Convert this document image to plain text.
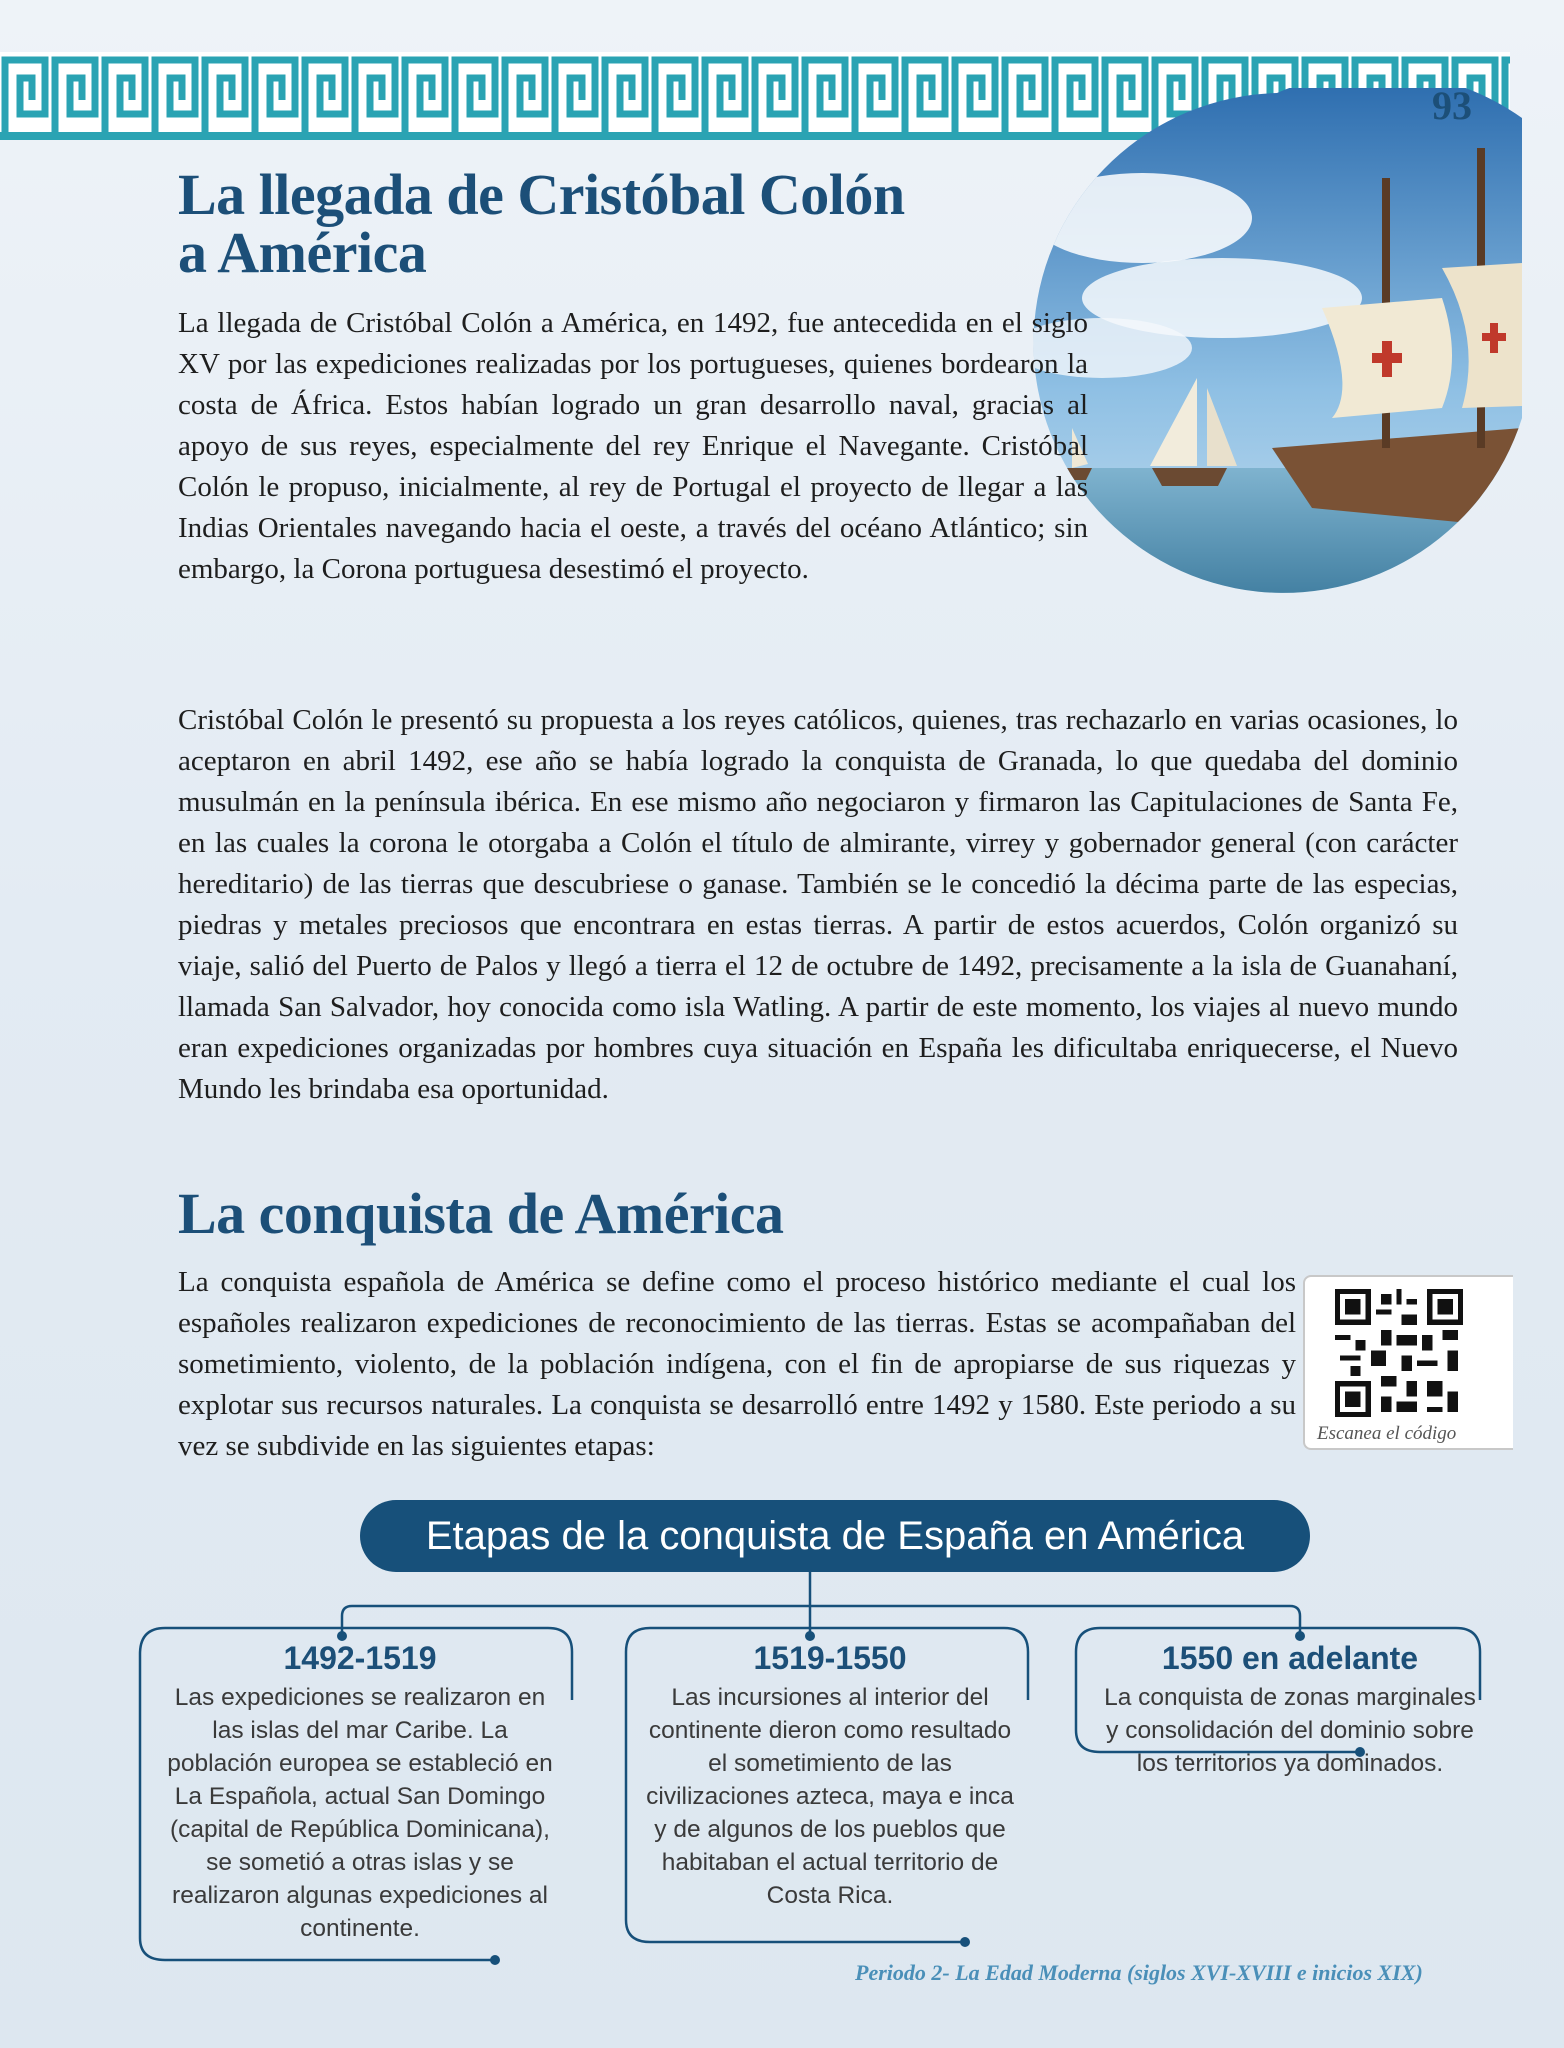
93
La llegada de Cristóbal Colón
a América

La llegada de Cristóbal Colón a América, en 1492, fue antecedida en el siglo XV por las expediciones realizadas por los portugueses, quienes bordearon la costa de África. Estos habían logrado un gran desarrollo naval, gracias al apoyo de sus reyes, especialmente del rey Enrique el Navegante. Cristóbal Colón le propuso, inicialmente, al rey de Portugal el proyecto de llegar a las Indias Orientales navegando hacia el oeste, a través del océano Atlántico; sin embargo, la Corona portuguesa desestimó el proyecto.

Cristóbal Colón le presentó su propuesta a los reyes católicos, quienes, tras rechazarlo en varias ocasiones, lo aceptaron en abril 1492, ese año se había logrado la conquista de Granada, lo que quedaba del dominio musulmán en la península ibérica. En ese mismo año negociaron y firmaron las Capitulaciones de Santa Fe, en las cuales la corona le otorgaba a Colón el título de almirante, virrey y gobernador general (con carácter hereditario) de las tierras que descubriese o ganase. También se le concedió la décima parte de las especias, piedras y metales preciosos que encontrara en estas tierras. A partir de estos acuerdos, Colón organizó su viaje, salió del Puerto de Palos y llegó a tierra el 12 de octubre de 1492, precisamente a la isla de Guanahaní, llamada San Salvador, hoy conocida como isla Watling. A partir de este momento, los viajes al nuevo mundo eran expediciones organizadas por hombres cuya situación en España les dificultaba enriquecerse, el Nuevo Mundo les brindaba esa oportunidad.

La conquista de América

La conquista española de América se define como el proceso histórico mediante el cual los españoles realizaron expediciones de reconocimiento de las tierras. Estas se acompañaban del sometimiento, violento, de la población indígena, con el fin de apropiarse de sus riquezas y explotar sus recursos naturales. La conquista se desarrolló entre 1492 y 1580. Este periodo a su vez se subdivide en las siguientes etapas:	Escanea el código
Etapas de la conquista de España en América
1492-1519
Las expediciones se realizaron en las islas del mar Caribe. La población europea se estableció en La Española, actual San Domingo (capital de República Dominicana), se sometió a otras islas y se realizaron algunas expediciones al continente.
1519-1550
Las incursiones al interior del continente dieron como resultado el sometimiento de las civilizaciones azteca, maya e inca y de algunos de los pueblos que habitaban el actual territorio de Costa Rica.
1550 en adelante
La conquista de zonas marginales y consolidación del dominio sobre los territorios ya dominados.
Periodo 2- La Edad Moderna (siglos XVI-XVIII e inicios XIX)
